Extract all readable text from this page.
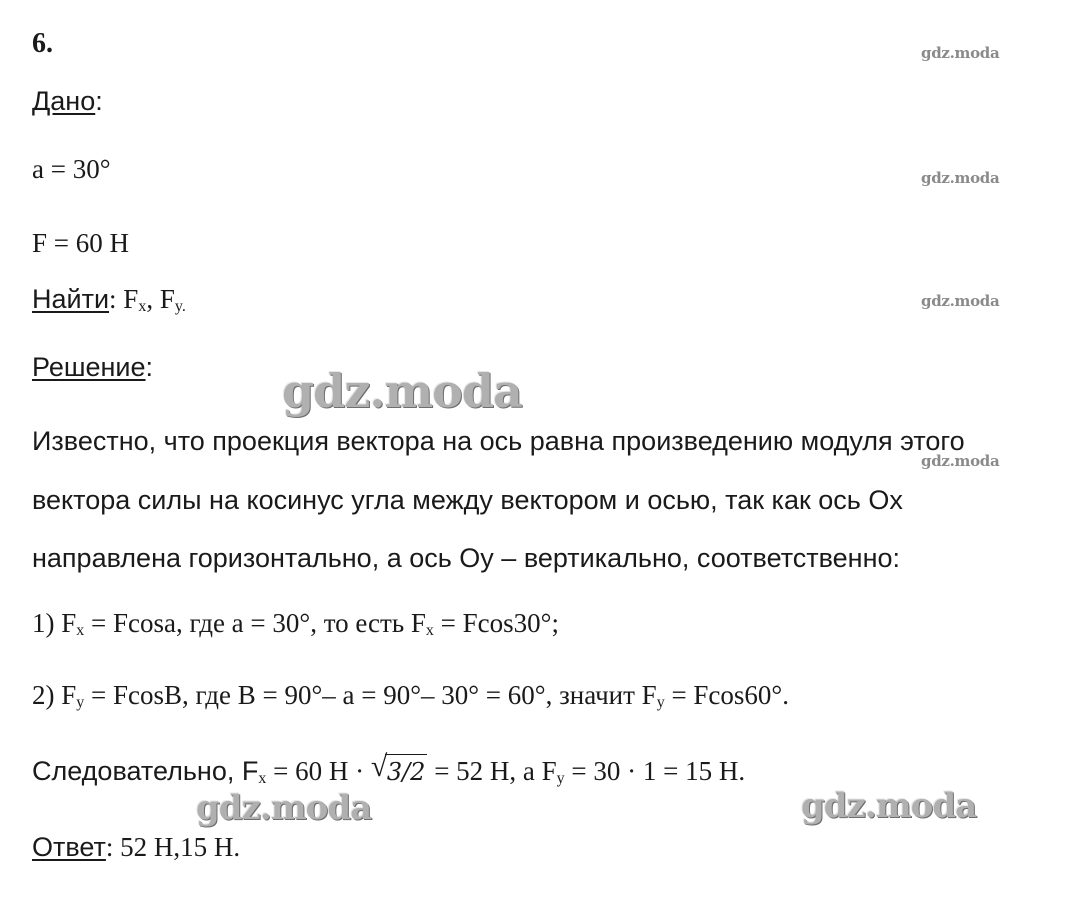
6.
Дано:
a = 30°
F = 60 Н
Найти: $F_x$, $F_{y.}$
Решение:
Известно, что проекция вектора на ось равна произведению модуля этого
вектора силы на косинус угла между вектором и осью, так как ось Ox
направлена горизонтально, а ось Oy – вертикально, соответственно:
1) $F_x = Fcosa$, где a = 30°, то есть $F_x = Fcos30^\circ$;
2) $F_y = FcosB$, где B = 90°– a = 90°– 30° = 60°, значит $F_y = Fcos60^\circ$.
Следовательно, $F_x = 60$ Н · √ 3/2 = 52 Н, а $F_y = 30 \cdot 1 = 15$ Н.
Ответ: 52 Н,15 Н.
gdz.moda
gdz.moda
gdz.moda
gdz.moda
gdz.moda
gdz.moda	gdz.moda
